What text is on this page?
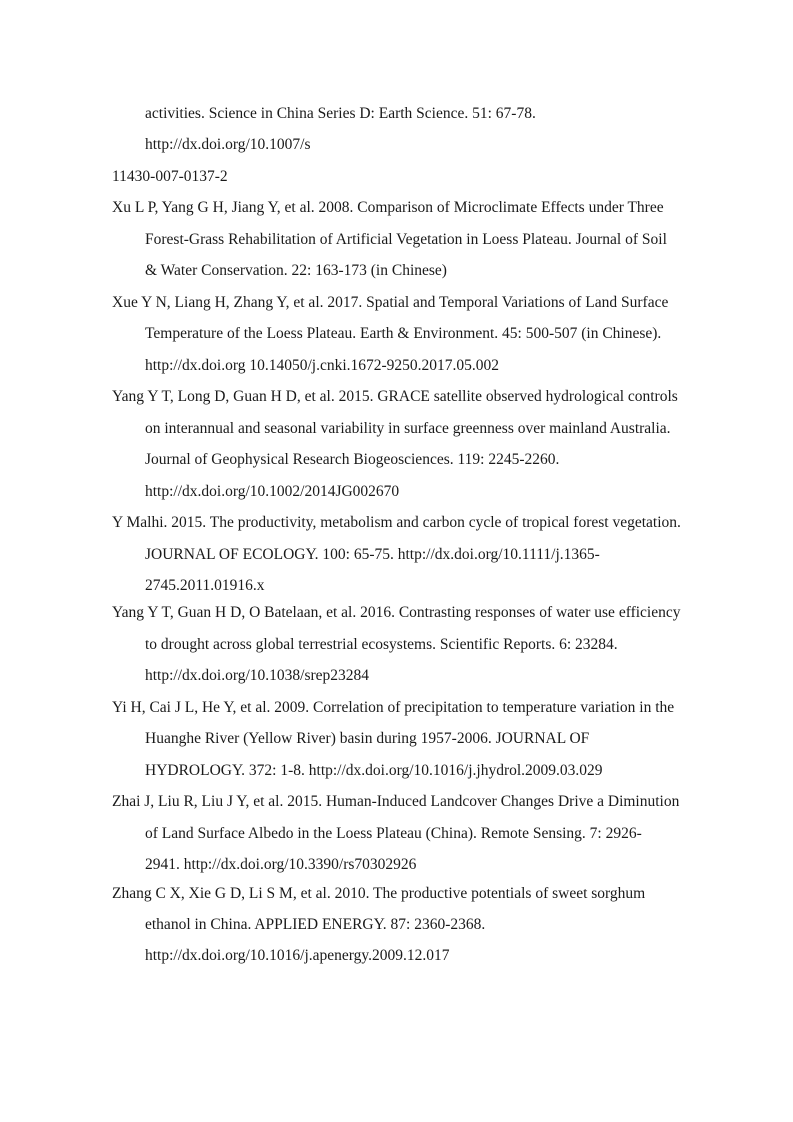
activities. Science in China Series D: Earth Science. 51: 67-78.
http://dx.doi.org/10.1007/s
11430-007-0137-2
Xu L P, Yang G H, Jiang Y, et al. 2008. Comparison of Microclimate Effects under Three
Forest-Grass Rehabilitation of Artificial Vegetation in Loess Plateau. Journal of Soil
& Water Conservation. 22: 163-173 (in Chinese)
Xue Y N, Liang H, Zhang Y, et al. 2017. Spatial and Temporal Variations of Land Surface
Temperature of the Loess Plateau. Earth & Environment. 45: 500-507 (in Chinese).
http://dx.doi.org 10.14050/j.cnki.1672-9250.2017.05.002
Yang Y T, Long D, Guan H D, et al. 2015. GRACE satellite observed hydrological controls
on interannual and seasonal variability in surface greenness over mainland Australia.
Journal of Geophysical Research Biogeosciences. 119: 2245-2260.
http://dx.doi.org/10.1002/2014JG002670
Y Malhi. 2015. The productivity, metabolism and carbon cycle of tropical forest vegetation.
JOURNAL OF ECOLOGY. 100: 65-75. http://dx.doi.org/10.1111/j.1365-
2745.2011.01916.x
Yang Y T, Guan H D, O Batelaan, et al. 2016. Contrasting responses of water use efficiency
to drought across global terrestrial ecosystems. Scientific Reports. 6: 23284.
http://dx.doi.org/10.1038/srep23284
Yi H, Cai J L, He Y, et al. 2009. Correlation of precipitation to temperature variation in the
Huanghe River (Yellow River) basin during 1957-2006. JOURNAL OF
HYDROLOGY. 372: 1-8. http://dx.doi.org/10.1016/j.jhydrol.2009.03.029
Zhai J, Liu R, Liu J Y, et al. 2015. Human-Induced Landcover Changes Drive a Diminution
of Land Surface Albedo in the Loess Plateau (China). Remote Sensing. 7: 2926-
2941. http://dx.doi.org/10.3390/rs70302926
Zhang C X, Xie G D, Li S M, et al. 2010. The productive potentials of sweet sorghum
ethanol in China. APPLIED ENERGY. 87: 2360-2368.
http://dx.doi.org/10.1016/j.apenergy.2009.12.017
